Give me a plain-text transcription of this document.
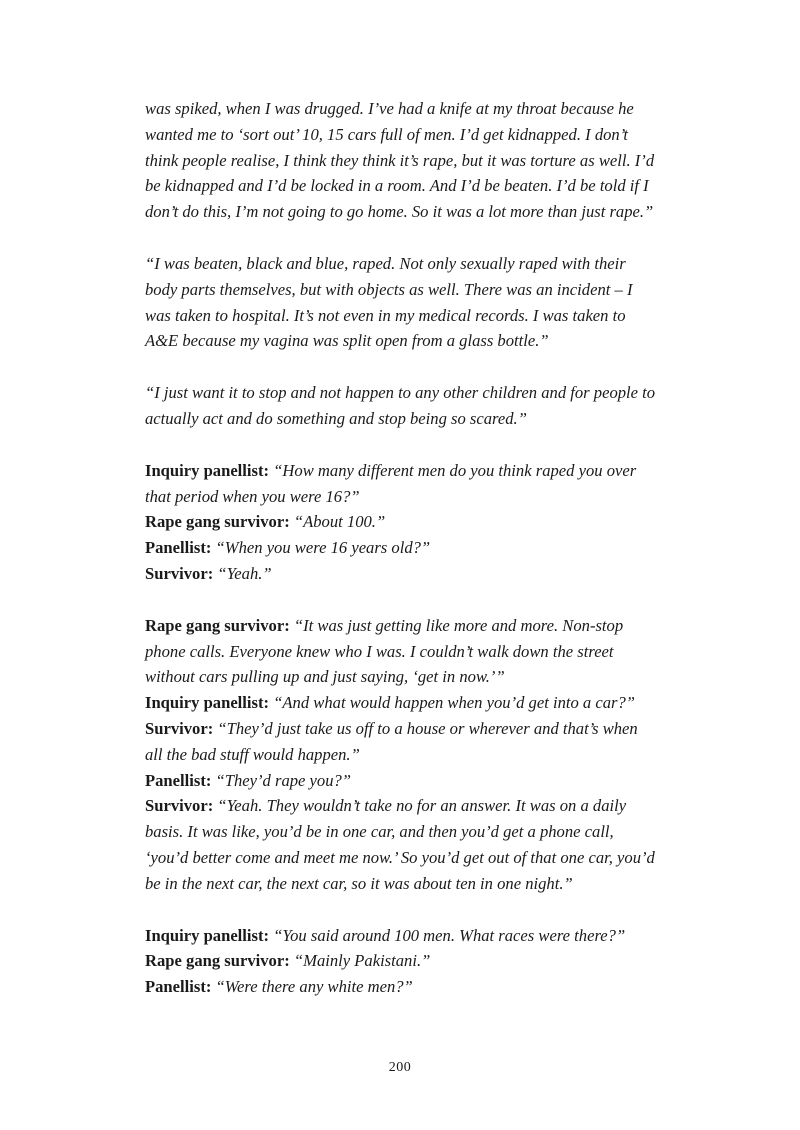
was spiked, when I was drugged. I’ve had a knife at my throat because he wanted me to ‘sort out’ 10, 15 cars full of men. I’d get kidnapped. I don’t think people realise, I think they think it’s rape, but it was torture as well. I’d be kidnapped and I’d be locked in a room. And I’d be beaten. I’d be told if I don’t do this, I’m not going to go home. So it was a lot more than just rape.”

“I was beaten, black and blue, raped. Not only sexually raped with their body parts themselves, but with objects as well. There was an incident – I was taken to hospital. It’s not even in my medical records. I was taken to A&E because my vagina was split open from a glass bottle.”

“I just want it to stop and not happen to any other children and for people to actually act and do something and stop being so scared.”

Inquiry panellist: “How many different men do you think raped you over that period when you were 16?”

Rape gang survivor: “About 100.”

Panellist: “When you were 16 years old?”

Survivor: “Yeah.”

Rape gang survivor: “It was just getting like more and more. Non-stop phone calls. Everyone knew who I was. I couldn’t walk down the street without cars pulling up and just saying, ‘get in now.’”

Inquiry panellist: “And what would happen when you’d get into a car?”

Survivor: “They’d just take us off to a house or wherever and that’s when all the bad stuff would happen.”

Panellist: “They’d rape you?”

Survivor: “Yeah. They wouldn’t take no for an answer. It was on a daily basis. It was like, you’d be in one car, and then you’d get a phone call, ‘you’d better come and meet me now.’ So you’d get out of that one car, you’d be in the next car, the next car, so it was about ten in one night.”

Inquiry panellist: “You said around 100 men. What races were there?”

Rape gang survivor: “Mainly Pakistani.”

Panellist: “Were there any white men?”

200
